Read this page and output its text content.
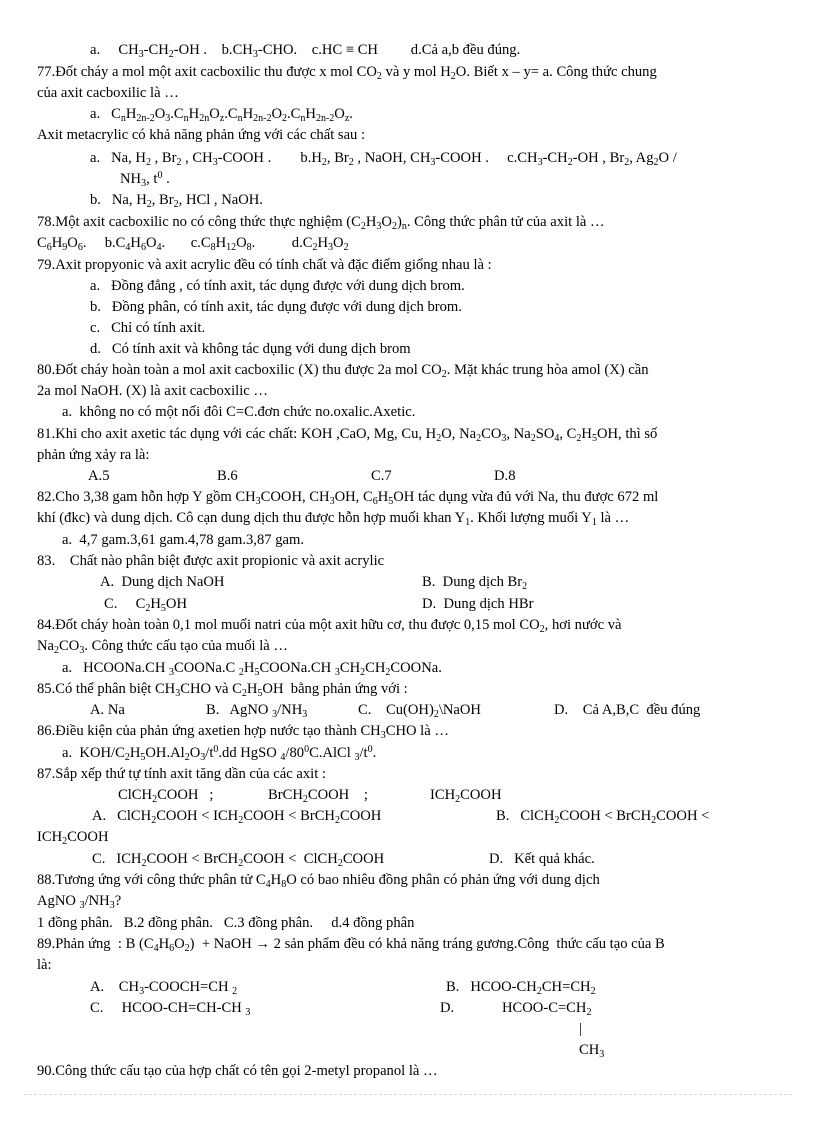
a.     $CH_3-CH_2-OH$ .    $b.CH_3$-CHO.    c.HC ≡ CH         d.Cả a,b đều đúng.
77.Đốt cháy a mol một axit cacboxilic thu được x mol $CO_2$ và y mol $H_2O$. Biết x – y= a. Công thức chung
của axit cacboxilic là …
a.   $C_nH_{2n-2}O_3.C_nH_{2n}O_z.C_nH_{2n-2}O_2.C_nH_{2n-2}O_z$.
Axit metacrylic có khả năng phản ứng với các chất sau :
a.   Na, $H_2$ , $Br_2$ , $CH_3$-COOH .        $b.H_2$, $Br_2$ , NaOH, $CH_3$-COOH .     $c.CH_3-CH_2-OH$ , $Br_2$, $Ag_2O$ /
$NH_3$, $t^0$ .
b.   Na, $H_2$, $Br_2$, HCl , NaOH.
78.Một axit cacboxilic no có công thức thực nghiệm $(C_2H_3O_2)_n$. Công thức phân tử của axit là …
$C_6H_9O_6$.     $b.C_4H_6O_4$.       $c.C_8H_{12}O_8$.          $d.C_2H_3O_2$
79.Axit propyonic và axit acrylic đều có tính chất và đặc điểm giống nhau là :
a.   Đồng đẳng , có tính axit, tác dụng được với dung dịch brom.
b.   Đồng phân, có tính axit, tác dụng được với dung dịch brom.
c.   Chỉ có tính axit.
d.   Có tính axit và không tác dụng với dung dịch brom
80.Đốt cháy hoàn toàn a mol axit cacboxilic (X) thu được 2a mol $CO_2$. Mặt khác trung hòa amol (X) cần
2a mol NaOH. (X) là axit cacboxilic …
a.  không no có một nối đôi C=C.đơn chức no.oxalic.Axetic.
81.Khi cho axit axetic tác dụng với các chất: KOH ,CaO, Mg, Cu, $H_2O$, $Na_2CO_3$, $Na_2SO_4$, $C_2H_5OH$, thì số
phản ứng xảy ra là:
A.5	B.6	C.7	D.8
82.Cho 3,38 gam hỗn hợp Y gồm $CH_3COOH$, $CH_3OH$, $C_6H_5OH$ tác dụng vừa đủ với Na, thu được 672 ml
khí (đkc) và dung dịch. Cô cạn dung dịch thu được hỗn hợp muối khan $Y_1$. Khối lượng muối $Y_1$ là …
a.  4,7 gam.3,61 gam.4,78 gam.3,87 gam.
83.    Chất nào phân biệt được axit propionic và axit acrylic
A.  Dung dịch NaOH	B.  Dung dịch $Br_2$
C.     $C_2H_5OH$	D.  Dung dịch HBr
84.Đốt cháy hoàn toàn 0,1 mol muối natri của một axit hữu cơ, thu được 0,15 mol $CO_2$, hơi nước và
$Na_2CO_3$. Công thức cấu tạo của muối là …
a.   HCOONa.CH $_3$COONa.C $_2H_5COONa.CH$ $_3CH_2CH_2COONa$.
85.Có thể phân biệt $CH_3CHO$ và $C_2H_5OH$  bằng phản ứng với :
A. Na	B.   AgNO $_3/NH_3$	C.    $Cu(OH)_2\backslash NaOH$	D.    Cả A,B,C  đều đúng
86.Điều kiện của phản ứng axetien hợp nước tạo thành $CH_3CHO$ là …
a.  KOH/$C_2H_5OH.Al_2O_3/t^0.dd$ HgSO $_4/80^0C.AlCl$ $_3/t^0$.
87.Sắp xếp thứ tự tính axit tăng dần của các axit :
ClCH$_2$COOH   ;	BrCH$_2$COOH    ;	$ICH_2COOH$
A.   ClCH$_2$COOH < $ICH_2COOH$ < BrCH$_2$COOH	B.   ClCH$_2$COOH < BrCH$_2$COOH <
$ICH_2COOH$
C.   $ICH_2COOH$ < BrCH$_2$COOH <  ClCH$_2$COOH	D.   Kết quả khác.
88.Tương ứng với công thức phân tử $C_4H_8O$ có bao nhiêu đồng phân có phản ứng với dung dịch
AgNO $_3/NH_3$?
1 đồng phân.   B.2 đồng phân.   C.3 đồng phân.     d.4 đồng phân
89.Phản ứng  : B $(C_4H_6O_2)$  + NaOH → 2 sản phẩm đều có khả năng tráng gương.Công  thức cấu tạo của B
là:
A.    $CH_3-COOCH=CH$ $_2$	B.   HCOO-$CH_2CH=CH_2$
C.     HCOO-CH=CH-CH $_3$	D.	HCOO-$C=CH_2$
|
$CH_3$
90.Công thức cấu tạo của hợp chất có tên gọi 2-metyl propanol là …
